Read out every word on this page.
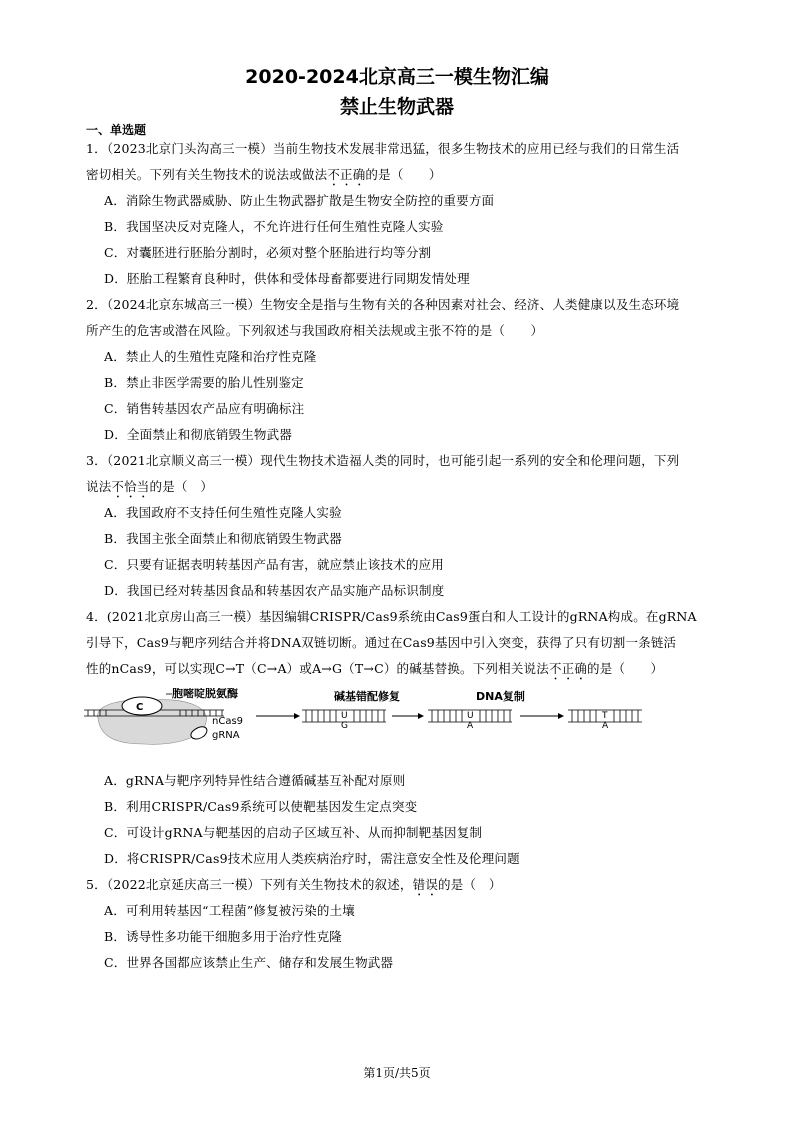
2020-2024北京高三一模生物汇编
禁止生物武器
一、单选题
1．（2023北京门头沟高三一模）当前生物技术发展非常迅猛，很多生物技术的应用已经与我们的日常生活
密切相关。下列有关生物技术的说法或做法不正确的是（　　）
A．消除生物武器威胁、防止生物武器扩散是生物安全防控的重要方面
B．我国坚决反对克隆人，不允许进行任何生殖性克隆人实验
C．对囊胚进行胚胎分割时，必须对整个胚胎进行均等分割
D．胚胎工程繁育良种时，供体和受体母畜都要进行同期发情处理
2．（2024北京东城高三一模）生物安全是指与生物有关的各种因素对社会、经济、人类健康以及生态环境
所产生的危害或潜在风险。下列叙述与我国政府相关法规或主张不符的是（　　）
A．禁止人的生殖性克隆和治疗性克隆
B．禁止非医学需要的胎儿性别鉴定
C．销售转基因农产品应有明确标注
D．全面禁止和彻底销毁生物武器
3．（2021北京顺义高三一模）现代生物技术造福人类的同时，也可能引起一系列的安全和伦理问题，下列
说法不恰当的是（　）
A．我国政府不支持任何生殖性克隆人实验
B．我国主张全面禁止和彻底销毁生物武器
C．只要有证据表明转基因产品有害，就应禁止该技术的应用
D．我国已经对转基因食品和转基因农产品实施产品标识制度
4．(2021北京房山高三一模）基因编辑CRISPR/Cas9系统由Cas9蛋白和人工设计的gRNA构成。在gRNA
引导下，Cas9与靶序列结合并将DNA双链切断。通过在Cas9基因中引入突变，获得了只有切割一条链活
性的nCas9，可以实现C→T（C→A）或A→G（T→C）的碱基替换。下列相关说法不正确的是（　　）
C
胞嘧啶脱氨酶
nCas9
gRNA
U
G
碱基错配修复
U
A
DNA复制
T
A
A．gRNA与靶序列特异性结合遵循碱基互补配对原则
B．利用CRISPR/Cas9系统可以使靶基因发生定点突变
C．可设计gRNA与靶基因的启动子区域互补、从而抑制靶基因复制
D．将CRISPR/Cas9技术应用人类疾病治疗时，需注意安全性及伦理问题
5．（2022北京延庆高三一模）下列有关生物技术的叙述，错误的是（　）
A．可利用转基因“工程菌”修复被污染的土壤
B．诱导性多功能干细胞多用于治疗性克隆
C．世界各国都应该禁止生产、储存和发展生物武器
第1页/共5页
